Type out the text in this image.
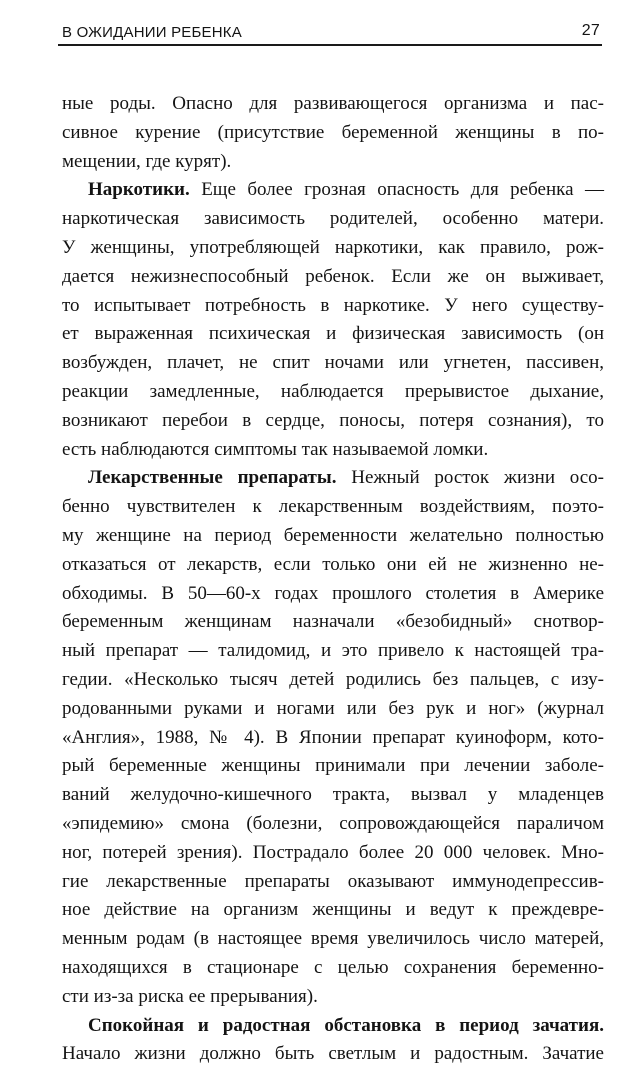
В ОЖИДАНИИ РЕБЕНКА	27
ные роды. Опасно для развивающегося организма и пас-
сивное курение (присутствие беременной женщины в по-
мещении, где курят).
Наркотики. Еще более грозная опасность для ребенка —
наркотическая зависимость родителей, особенно матери.
У женщины, употребляющей наркотики, как правило, рож-
дается нежизнеспособный ребенок. Если же он выживает,
то испытывает потребность в наркотике. У него существу-
ет выраженная психическая и физическая зависимость (он
возбужден, плачет, не спит ночами или угнетен, пассивен,
реакции замедленные, наблюдается прерывистое дыхание,
возникают перебои в сердце, поносы, потеря сознания), то
есть наблюдаются симптомы так называемой ломки.
Лекарственные препараты. Нежный росток жизни осо-
бенно чувствителен к лекарственным воздействиям, поэто-
му женщине на период беременности желательно полностью
отказаться от лекарств, если только они ей не жизненно не-
обходимы. В 50—60-х годах прошлого столетия в Америке
беременным женщинам назначали «безобидный» снотвор-
ный препарат — талидомид, и это привело к настоящей тра-
гедии. «Несколько тысяч детей родились без пальцев, с изу-
родованными руками и ногами или без рук и ног» (журнал
«Англия», 1988, № 4). В Японии препарат куиноформ, кото-
рый беременные женщины принимали при лечении заболе-
ваний желудочно-кишечного тракта, вызвал у младенцев
«эпидемию» смона (болезни, сопровождающейся параличом
ног, потерей зрения). Пострадало более 20 000 человек. Мно-
гие лекарственные препараты оказывают иммунодепрессив-
ное действие на организм женщины и ведут к преждевре-
менным родам (в настоящее время увеличилось число матерей,
находящихся в стационаре с целью сохранения беременно-
сти из-за риска ее прерывания).
Спокойная и радостная обстановка в период зачатия.
Начало жизни должно быть светлым и радостным. Зачатие
